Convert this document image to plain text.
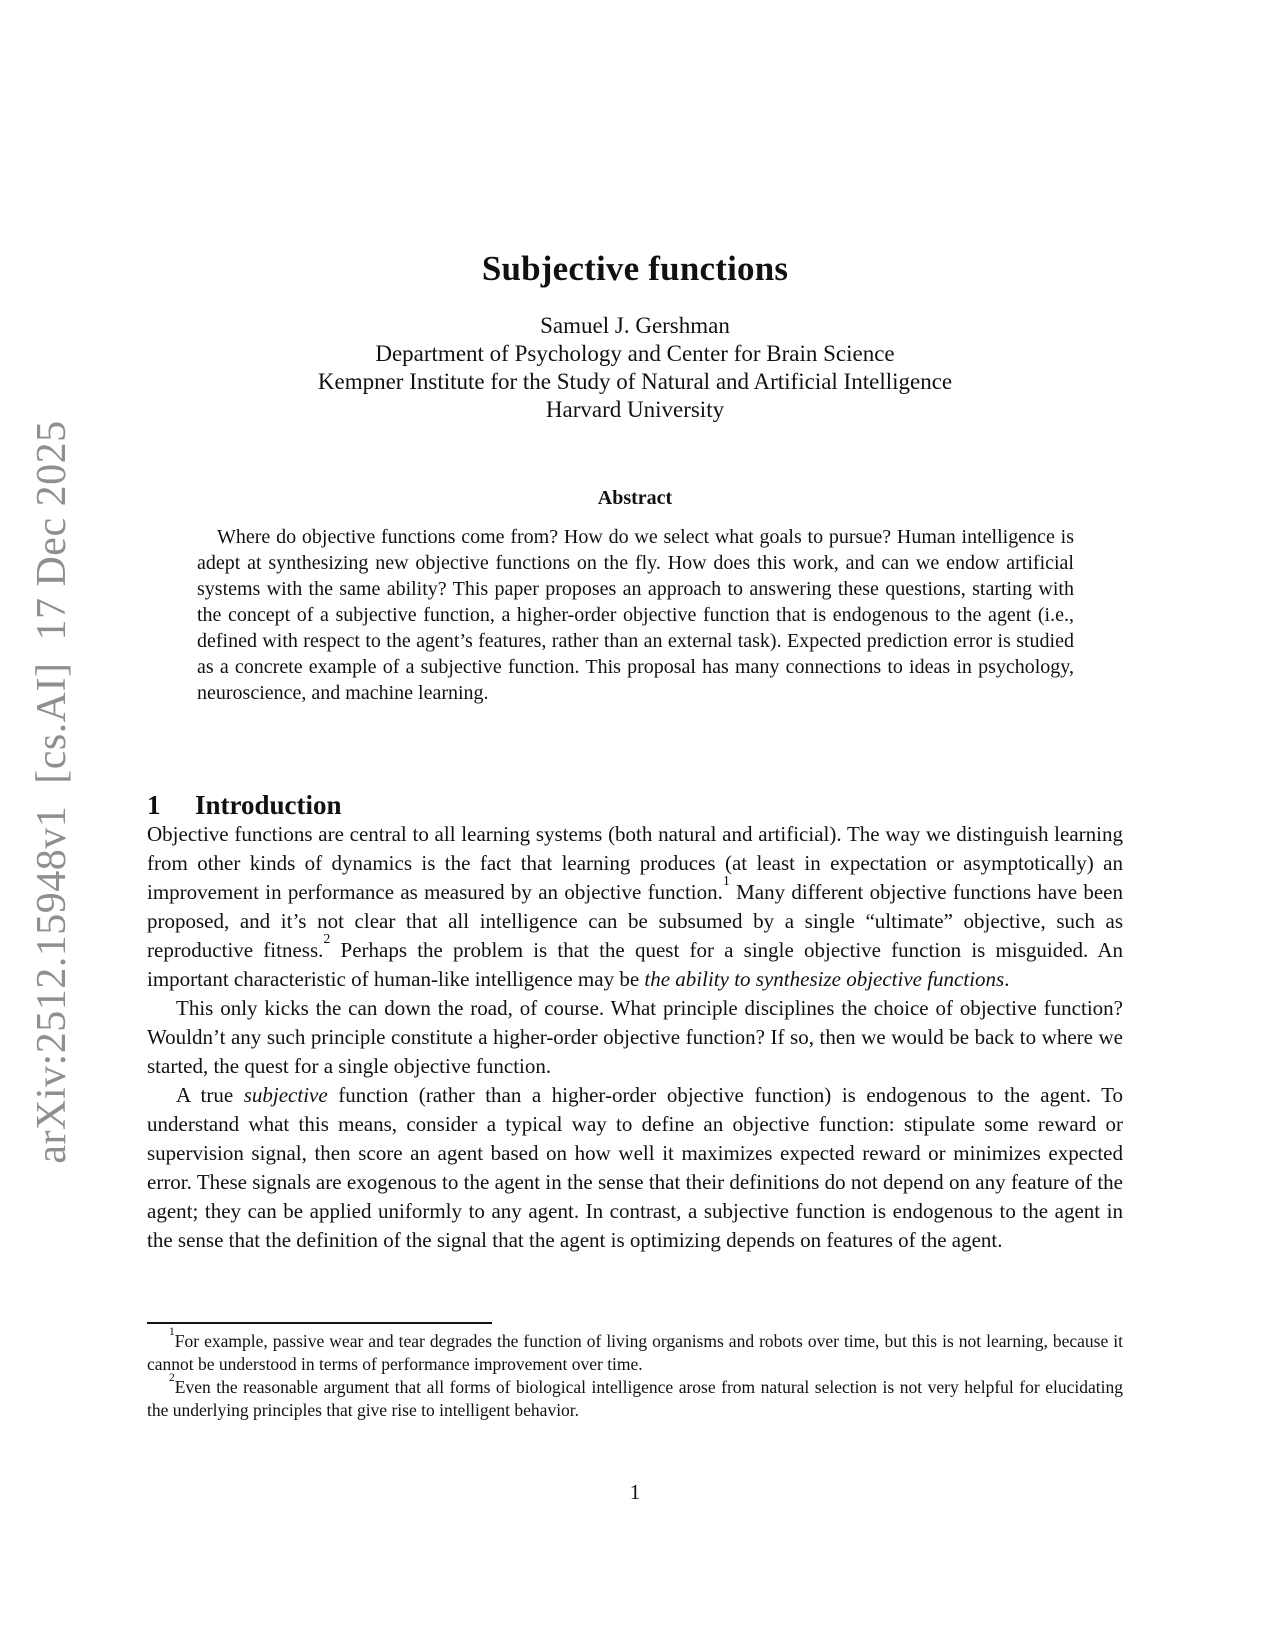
arXiv:2512.15948v1  [cs.AI]  17 Dec 2025
Subjective functions
Samuel J. Gershman
Department of Psychology and Center for Brain Science
Kempner Institute for the Study of Natural and Artificial Intelligence
Harvard University
Abstract

Where do objective functions come from? How do we select what goals to pursue? Human intelligence is adept at synthesizing new objective functions on the fly. How does this work, and can we endow artificial systems with the same ability? This paper proposes an approach to answering these questions, starting with the concept of a subjective function, a higher-order objective function that is endogenous to the agent (i.e., defined with respect to the agent’s features, rather than an external task). Expected prediction error is studied as a concrete example of a subjective function. This proposal has many connections to ideas in psychology, neuroscience, and machine learning.

1 Introduction

Objective functions are central to all learning systems (both natural and artificial). The way we distinguish learning from other kinds of dynamics is the fact that learning produces (at least in expectation or asymptotically) an improvement in performance as measured by an objective function.$^1$ Many different objective functions have been proposed, and it’s not clear that all intelligence can be subsumed by a single “ultimate” objective, such as reproductive fitness.$^2$ Perhaps the problem is that the quest for a single objective function is misguided. An important characteristic of human-like intelligence may be the ability to synthesize objective functions.

This only kicks the can down the road, of course. What principle disciplines the choice of objective function? Wouldn’t any such principle constitute a higher-order objective function? If so, then we would be back to where we started, the quest for a single objective function.

A true subjective function (rather than a higher-order objective function) is endogenous to the agent. To understand what this means, consider a typical way to define an objective function: stipulate some reward or supervision signal, then score an agent based on how well it maximizes expected reward or minimizes expected error. These signals are exogenous to the agent in the sense that their definitions do not depend on any feature of the agent; they can be applied uniformly to any agent. In contrast, a subjective function is endogenous to the agent in the sense that the definition of the signal that the agent is optimizing depends on features of the agent.

$^1$For example, passive wear and tear degrades the function of living organisms and robots over time, but this is not learning, because it cannot be understood in terms of performance improvement over time.

$^2$Even the reasonable argument that all forms of biological intelligence arose from natural selection is not very helpful for elucidating the underlying principles that give rise to intelligent behavior.

1
